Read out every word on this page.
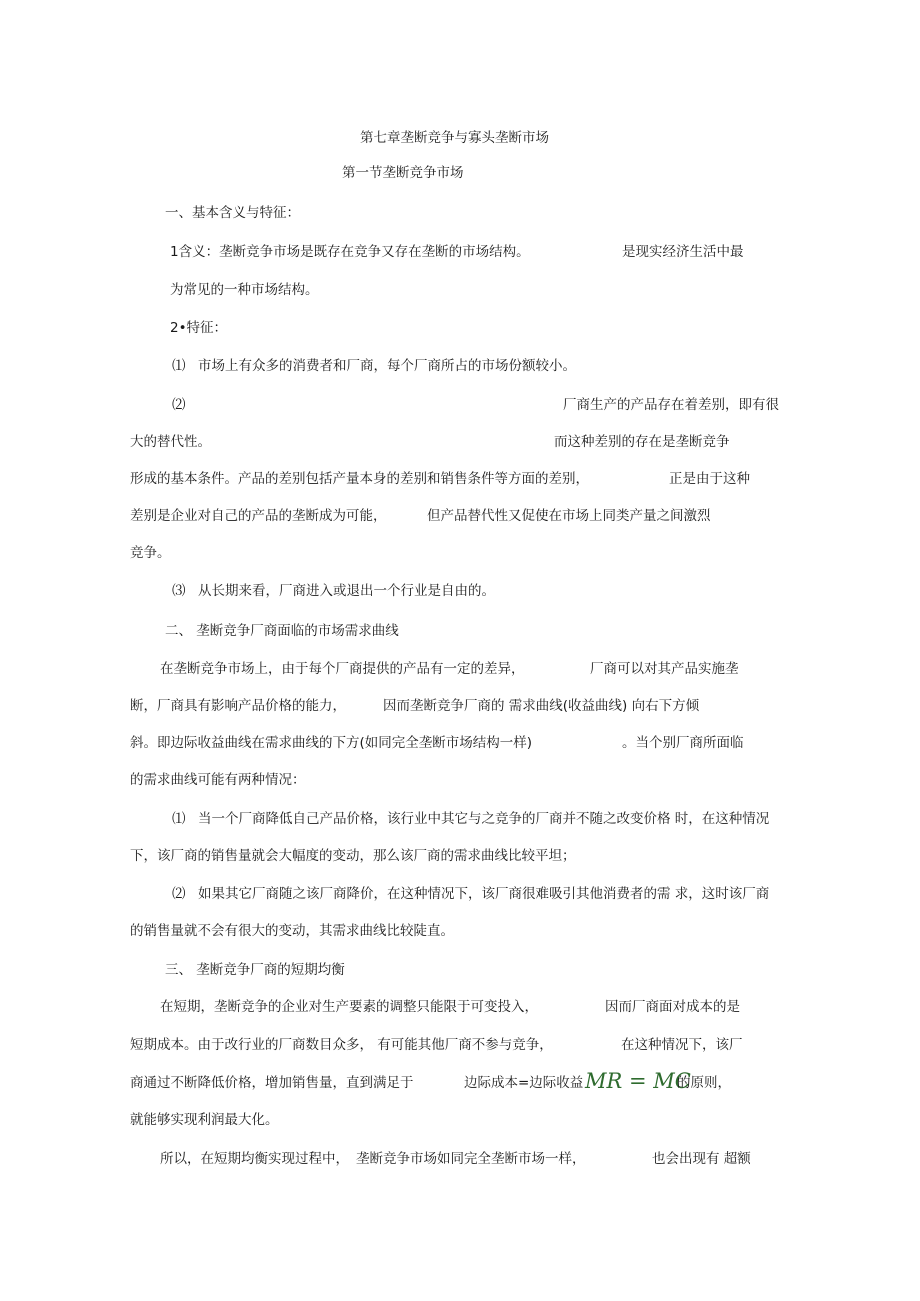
第七章垄断竞争与寡头垄断市场
第一节垄断竞争市场
一、基本含义与特征：
1含义：垄断竞争市场是既存在竞争又存在垄断的市场结构。	是现实经济生活中最
为常见的一种市场结构。
2•特征：
⑴ 市场上有众多的消费者和厂商，每个厂商所占的市场份额较小。
⑵	厂商生产的产品存在着差别，即有很
大的替代性。	而这种差别的存在是垄断竞争
形成的基本条件。产品的差别包括产量本身的差别和销售条件等方面的差别，	正是由于这种
差别是企业对自己的产品的垄断成为可能，	但产品替代性又促使在市场上同类产量之间激烈
竞争。
⑶ 从长期来看，厂商进入或退出一个行业是自由的。
二、 垄断竞争厂商面临的市场需求曲线
在垄断竞争市场上，由于每个厂商提供的产品有一定的差异，	厂商可以对其产品实施垄
断，厂商具有影响产品价格的能力，	因而垄断竞争厂商的 需求曲线(收益曲线) 向右下方倾
斜。即边际收益曲线在需求曲线的下方(如同完全垄断市场结构一样)	。当个别厂商所面临
的需求曲线可能有两种情况：
⑴ 当一个厂商降低自己产品价格，该行业中其它与之竞争的厂商并不随之改变价格 时，在这种情况
下，该厂商的销售量就会大幅度的变动，那么该厂商的需求曲线比较平坦；
⑵ 如果其它厂商随之该厂商降价，在这种情况下，该厂商很难吸引其他消费者的需 求，这时该厂商
的销售量就不会有很大的变动，其需求曲线比较陡直。
三、 垄断竞争厂商的短期均衡
在短期，垄断竞争的企业对生产要素的调整只能限于可变投入，	因而厂商面对成本的是
短期成本。由于改行业的厂商数目众多， 有可能其他厂商不参与竞争，	在这种情况下，该厂
商通过不断降低价格，增加销售量，直到满足于	边际成本=边际收益 MR = MC
的原则，
就能够实现利润最大化。
所以，在短期均衡实现过程中， 垄断竞争市场如同完全垄断市场一样，	也会出现有 超额
